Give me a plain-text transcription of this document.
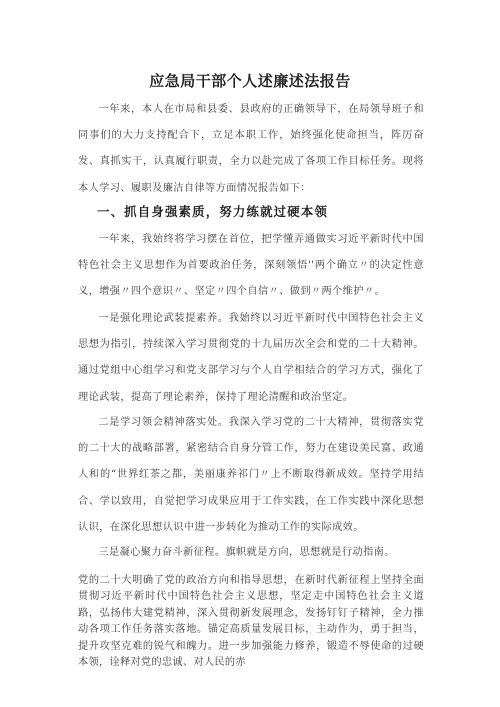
应急局干部个人述廉述法报告

一年来，本人在市局和县委、县政府的正确领导下，在局领导班子和同事们的大力支持配合下，立足本职工作，始终强化使命担当，阵厉奋发、真抓实干，认真履行职责，全力以赴完成了各项工作目标任务。现将本人学习、履职及廉洁自律等方面情况报告如下：

一、抓自身强素质，努力练就过硬本领

一年来，我始终将学习摆在首位，把学懂弄通做实习近平新时代中国特色社会主义思想作为首要政治任务，深刻领悟''两个确立〃的决定性意义，增强〃四个意识〃、坚定〃四个自信〃、做到〃两个维护〃。

一是强化理论武装提素养。我始终以习近平新时代中国特色社会主义思想为指引，持续深入学习贯彻党的十九届历次全会和党的二十大精神。通过党组中心组学习和党支部学习与个人自学相结合的学习方式，强化了理论武装，提高了理论素养，保持了理论清醒和政治坚定。

二是学习领会精神落实处。我深入学习党的二十大精神，贯彻落实党的二十大的战略部署，紧密结合自身分管工作，努力在建设美民富、政通人和的“世界红茶之都，美丽康养祁门〃上不断取得新成效。坚持学用结合、学以致用，自觉把学习成果应用于工作实践，在工作实践中深化思想认识，在深化思想认识中进一步转化为推动工作的实际成效。

三是凝心聚力奋斗新征程。旗帜就是方向，思想就是行动指南。

党的二十大明确了党的政治方向和指导思想，在新时代新征程上坚持全面贯彻习近平新时代中国特色社会主义思想，坚定走中国特色社会主义道路，弘扬伟大建党精神，深入贯彻新发展理念，发扬钉钉子精神，全力推动各项工作任务落实落地。锚定高质量发展目标，主动作为，勇于担当，提升攻坚克难的锐气和魄力。进一步加强能力修养，锻造不辱使命的过硬本领，诠释对党的忠诚、对人民的赤
